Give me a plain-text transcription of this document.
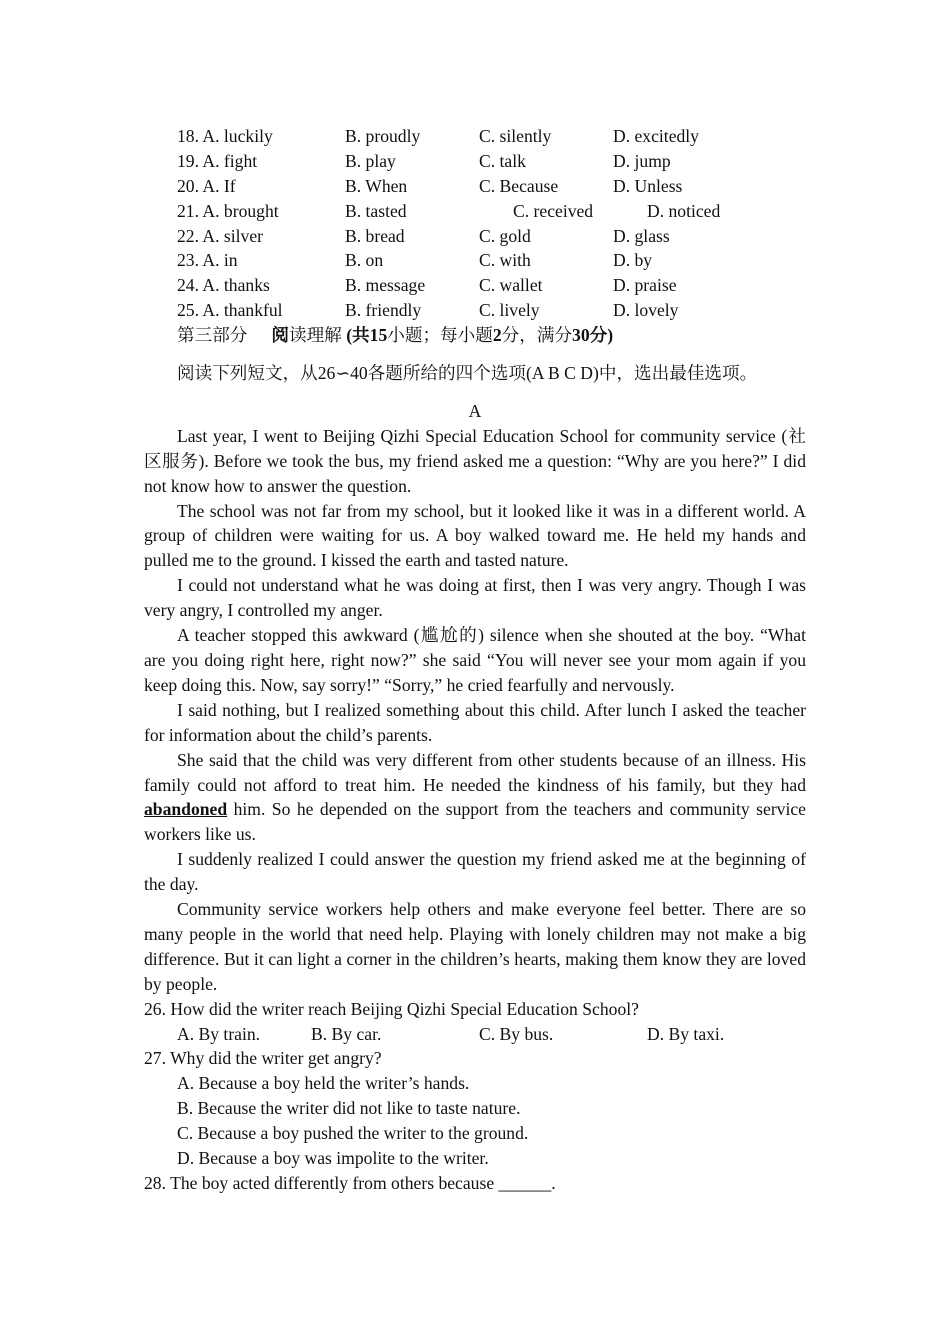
18. A. luckily	B. proudly	C. silently	D. excitedly
19. A. fight	B. play	C. talk	D. jump
20. A. If	B. When	C. Because	D. Unless
21. A. brought	B. tasted	C. received	D. noticed
22. A. silver	B. bread	C. gold	D. glass
23. A. in	B. on	C. with	D. by
24. A. thanks	B. message	C. wallet	D. praise
25. A. thankful	B. friendly	C. lively	D. lovely
第三部分 阅读理解 (共15小题；每小题2分，满分30分)
阅读下列短文，从26∽40各题所给的四个选项(A B C D)中，选出最佳选项。
A

Last year, I went to Beijing Qizhi Special Education School for community service (社区服务). Before we took the bus, my friend asked me a question: “Why are you here?” I did not know how to answer the question.

The school was not far from my school, but it looked like it was in a different world. A group of children were waiting for us. A boy walked toward me. He held my hands and pulled me to the ground. I kissed the earth and tasted nature.

I could not understand what he was doing at first, then I was very angry. Though I was very angry, I controlled my anger.

A teacher stopped this awkward (尴尬的) silence when she shouted at the boy. “What are you doing right here, right now?” she said “You will never see your mom again if you keep doing this. Now, say sorry!” “Sorry,” he cried fearfully and nervously.

I said nothing, but I realized something about this child. After lunch I asked the teacher for information about the child’s parents.

She said that the child was very different from other students because of an illness. His family could not afford to treat him. He needed the kindness of his family, but they had abandoned him. So he depended on the support from the teachers and community service workers like us.

I suddenly realized I could answer the question my friend asked me at the beginning of the day.

Community service workers help others and make everyone feel better. There are so many people in the world that need help. Playing with lonely children may not make a big difference. But it can light a corner in the children’s hearts, making them know they are loved by people.

26. How did the writer reach Beijing Qizhi Special Education School?
A. By train.	B. By car.	C. By bus.	D. By taxi.
27. Why did the writer get angry?
A. Because a boy held the writer’s hands.
B. Because the writer did not like to taste nature.
C. Because a boy pushed the writer to the ground.
D. Because a boy was impolite to the writer.
28. The boy acted differently from others because ______.
